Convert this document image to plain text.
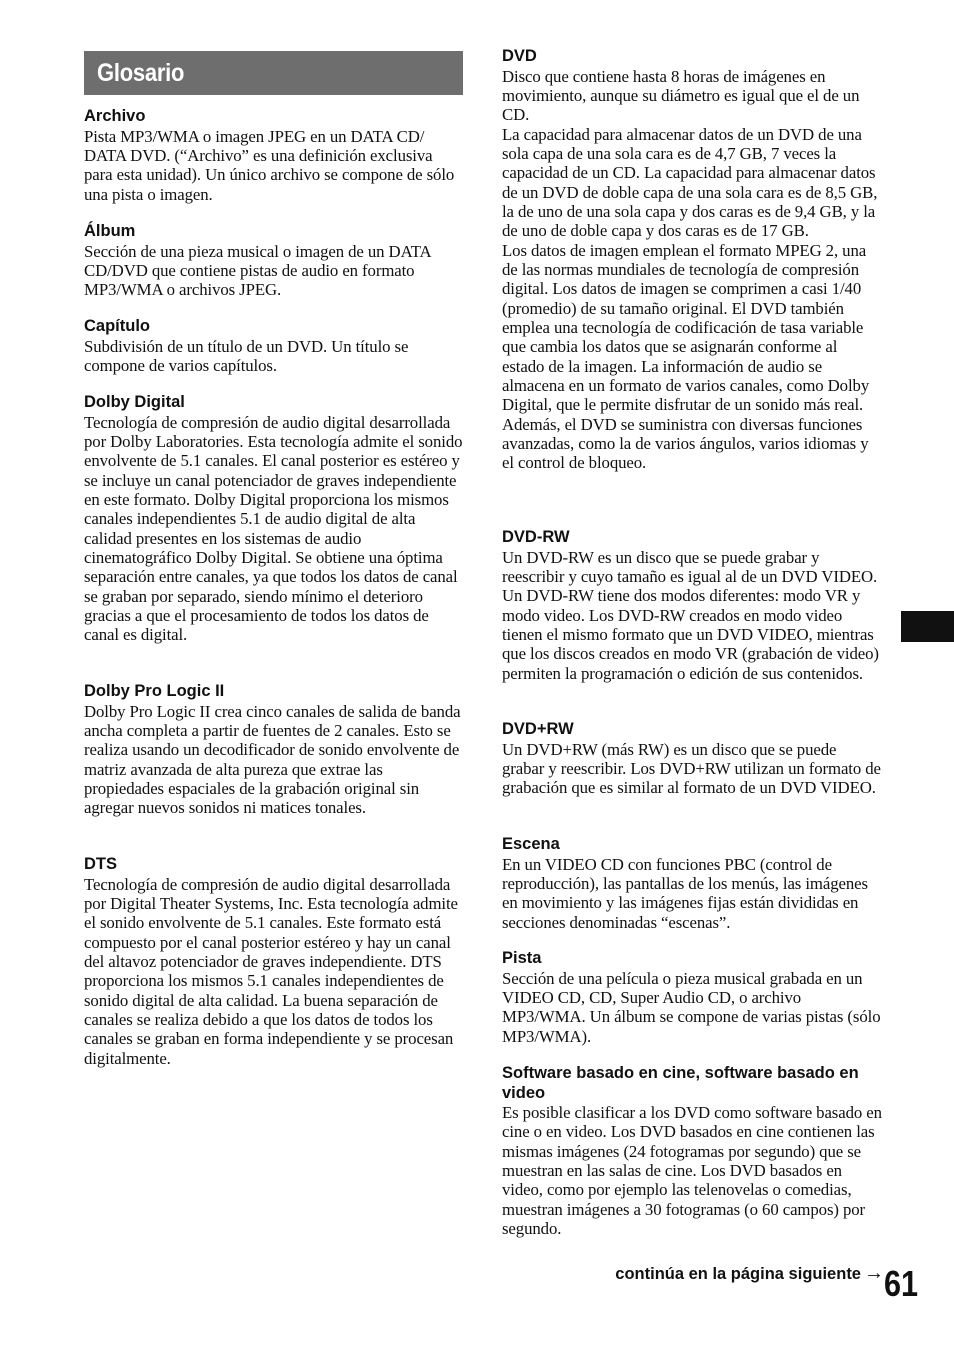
Glosario
Archivo

Pista MP3/WMA o imagen JPEG en un DATA CD/ DATA DVD. (“Archivo” es una definición exclusiva para esta unidad). Un único archivo se compone de sólo una pista o imagen.

Álbum

Sección de una pieza musical o imagen de un DATA CD/DVD que contiene pistas de audio en formato MP3/WMA o archivos JPEG.

Capítulo

Subdivisión de un título de un DVD. Un título se compone de varios capítulos.

Dolby Digital

Tecnología de compresión de audio digital desarrollada por Dolby Laboratories. Esta tecnología admite el sonido envolvente de 5.1 canales. El canal posterior es estéreo y se incluye un canal potenciador de graves independiente en este formato. Dolby Digital proporciona los mismos canales independientes 5.1 de audio digital de alta calidad presentes en los sistemas de audio cinematográfico Dolby Digital. Se obtiene una óptima separación entre canales, ya que todos los datos de canal se graban por separado, siendo mínimo el deterioro gracias a que el procesamiento de todos los datos de canal es digital.

Dolby Pro Logic II

Dolby Pro Logic II crea cinco canales de salida de banda ancha completa a partir de fuentes de 2 canales. Esto se realiza usando un decodificador de sonido envolvente de matriz avanzada de alta pureza que extrae las propiedades espaciales de la grabación original sin agregar nuevos sonidos ni matices tonales.

DTS

Tecnología de compresión de audio digital desarrollada por Digital Theater Systems, Inc. Esta tecnología admite el sonido envolvente de 5.1 canales. Este formato está compuesto por el canal posterior estéreo y hay un canal del altavoz potenciador de graves independiente. DTS proporciona los mismos 5.1 canales independientes de sonido digital de alta calidad. La buena separación de canales se realiza debido a que los datos de todos los canales se graban en forma independiente y se procesan digitalmente.

DVD

Disco que contiene hasta 8 horas de imágenes en movimiento, aunque su diámetro es igual que el de un CD.

La capacidad para almacenar datos de un DVD de una sola capa de una sola cara es de 4,7 GB, 7 veces la capacidad de un CD. La capacidad para almacenar datos de un DVD de doble capa de una sola cara es de 8,5 GB, la de uno de una sola capa y dos caras es de 9,4 GB, y la de uno de doble capa y dos caras es de 17 GB.

Los datos de imagen emplean el formato MPEG 2, una de las normas mundiales de tecnología de compresión digital. Los datos de imagen se comprimen a casi 1/40 (promedio) de su tamaño original. El DVD también emplea una tecnología de codificación de tasa variable que cambia los datos que se asignarán conforme al estado de la imagen. La información de audio se almacena en un formato de varios canales, como Dolby Digital, que le permite disfrutar de un sonido más real.

Además, el DVD se suministra con diversas funciones avanzadas, como la de varios ángulos, varios idiomas y el control de bloqueo.

DVD-RW

Un DVD-RW es un disco que se puede grabar y reescribir y cuyo tamaño es igual al de un DVD VIDEO. Un DVD-RW tiene dos modos diferentes: modo VR y modo video. Los DVD-RW creados en modo video tienen el mismo formato que un DVD VIDEO, mientras que los discos creados en modo VR (grabación de video) permiten la programación o edición de sus contenidos.

DVD+RW

Un DVD+RW (más RW) es un disco que se puede grabar y reescribir. Los DVD+RW utilizan un formato de grabación que es similar al formato de un DVD VIDEO.

Escena

En un VIDEO CD con funciones PBC (control de reproducción), las pantallas de los menús, las imágenes en movimiento y las imágenes fijas están divididas en secciones denominadas “escenas”.

Pista

Sección de una película o pieza musical grabada en un VIDEO CD, CD, Super Audio CD, o archivo MP3/WMA. Un álbum se compone de varias pistas (sólo MP3/WMA).

Software basado en cine, software basado en video

Es posible clasificar a los DVD como software basado en cine o en video. Los DVD basados en cine contienen las mismas imágenes (24 fotogramas por segundo) que se muestran en las salas de cine. Los DVD basados en video, como por ejemplo las telenovelas o comedias, muestran imágenes a 30 fotogramas (o 60 campos) por segundo.

continúa en la página siguiente → 61
